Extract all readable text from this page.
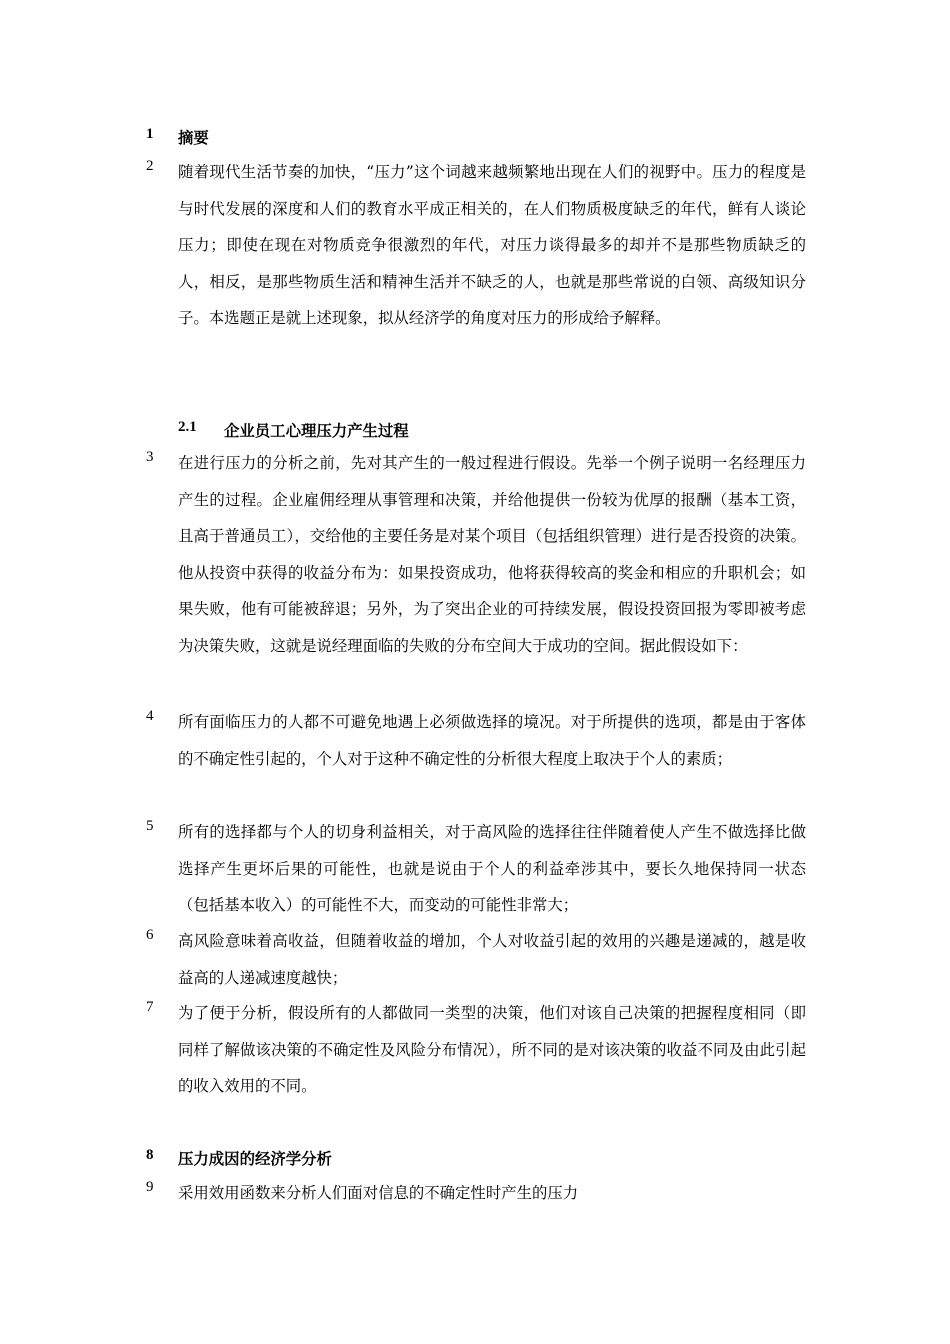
1	摘要
2	随着现代生活节奏的加快，“压力”这个词越来越频繁地出现在人们的视野中。压力的程度是与时代发展的深度和人们的教育水平成正相关的，在人们物质极度缺乏的年代，鲜有人谈论压力；即使在现在对物质竞争很激烈的年代，对压力谈得最多的却并不是那些物质缺乏的人，相反，是那些物质生活和精神生活并不缺乏的人，也就是那些常说的白领、高级知识分子。本选题正是就上述现象，拟从经济学的角度对压力的形成给予解释。
2.1 企业员工心理压力产生过程
3	在进行压力的分析之前，先对其产生的一般过程进行假设。先举一个例子说明一名经理压力产生的过程。企业雇佣经理从事管理和决策，并给他提供一份较为优厚的报酬（基本工资，且高于普通员工），交给他的主要任务是对某个项目（包括组织管理）进行是否投资的决策。他从投资中获得的收益分布为：如果投资成功，他将获得较高的奖金和相应的升职机会；如果失败，他有可能被辞退；另外，为了突出企业的可持续发展，假设投资回报为零即被考虑为决策失败，这就是说经理面临的失败的分布空间大于成功的空间。据此假设如下：
4	所有面临压力的人都不可避免地遇上必须做选择的境况。对于所提供的选项，都是由于客体的不确定性引起的，个人对于这种不确定性的分析很大程度上取决于个人的素质；
5	所有的选择都与个人的切身利益相关，对于高风险的选择往往伴随着使人产生不做选择比做选择产生更坏后果的可能性，也就是说由于个人的利益牵涉其中，要长久地保持同一状态（包括基本收入）的可能性不大，而变动的可能性非常大；
6	高风险意味着高收益，但随着收益的增加，个人对收益引起的效用的兴趣是递减的，越是收益高的人递减速度越快；
7	为了便于分析，假设所有的人都做同一类型的决策，他们对该自己决策的把握程度相同（即同样了解做该决策的不确定性及风险分布情况），所不同的是对该决策的收益不同及由此引起的收入效用的不同。
8	压力成因的经济学分析
9	采用效用函数来分析人们面对信息的不确定性时产生的压力
